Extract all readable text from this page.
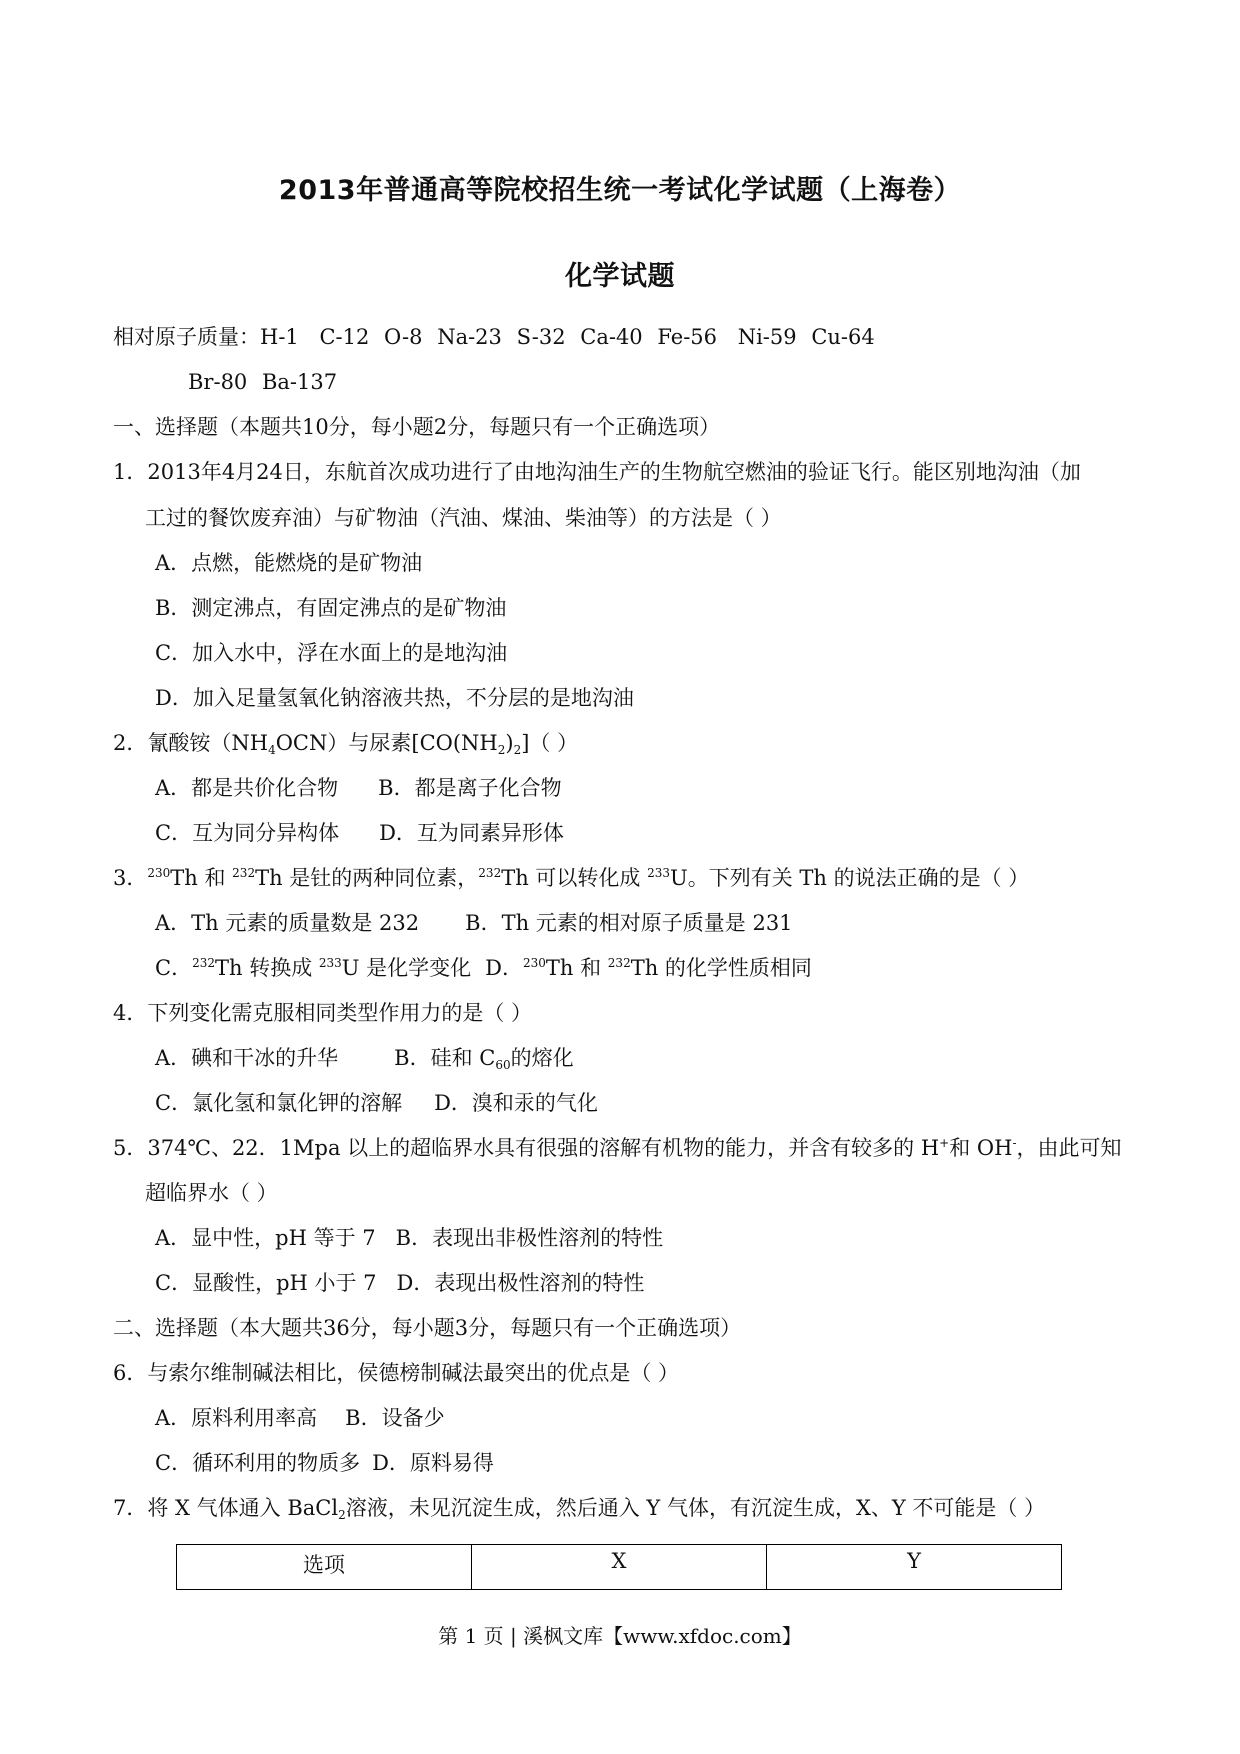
2013年普通高等院校招生统一考试化学试题（上海卷）
化学试题
相对原子质量：H-1 C-12 O-8 Na-23 S-32 Ca-40 Fe-56 Ni-59 Cu-64
Br-80 Ba-137
一、选择题（本题共10分，每小题2分，每题只有一个正确选项）
1．2013年4月24日，东航首次成功进行了由地沟油生产的生物航空燃油的验证飞行。能区别地沟油（加
工过的餐饮废弃油）与矿物油（汽油、煤油、柴油等）的方法是（ ）
A．点燃，能燃烧的是矿物油
B．测定沸点，有固定沸点的是矿物油
C．加入水中，浮在水面上的是地沟油
D．加入足量氢氧化钠溶液共热，不分层的是地沟油
2．氰酸铵$(NH_4OCN)$与尿素$[CO(NH_2)_2]$（ ）
A．都是共价化合物 B．都是离子化合物
C．互为同分异构体 D．互为同素异形体
3．$^{230}$Th 和 $^{232}$Th 是钍的两种同位素，$^{232}$Th 可以转化成 $^{233}$U。下列有关 Th 的说法正确的是（ ）
A．Th 元素的质量数是 232 B．Th 元素的相对原子质量是 231
C．$^{232}$Th 转换成 $^{233}$U 是化学变化 D．$^{230}$Th 和 $^{232}$Th 的化学性质相同
4．下列变化需克服相同类型作用力的是（ ）
A．碘和干冰的升华	B．硅和 $C_{60}$的熔化
C．氯化氢和氯化钾的溶解 D．溴和汞的气化
5．374℃、22．1Mpa 以上的超临界水具有很强的溶解有机物的能力，并含有较多的 H+和 OH-，由此可知
超临界水（ ）
A．显中性，pH 等于 7 B．表现出非极性溶剂的特性
C．显酸性，pH 小于 7 D．表现出极性溶剂的特性
二、选择题（本大题共36分，每小题3分，每题只有一个正确选项）
6．与索尔维制碱法相比，侯德榜制碱法最突出的优点是（ ）
A．原料利用率高 B．设备少
C．循环利用的物质多 D．原料易得
7．将 X 气体通入 BaCl$_2$溶液，未见沉淀生成，然后通入 Y 气体，有沉淀生成，X、Y 不可能是（ ）
选项	X	Y
第 1 页 | 溪枫文库【www.xfdoc.com】
